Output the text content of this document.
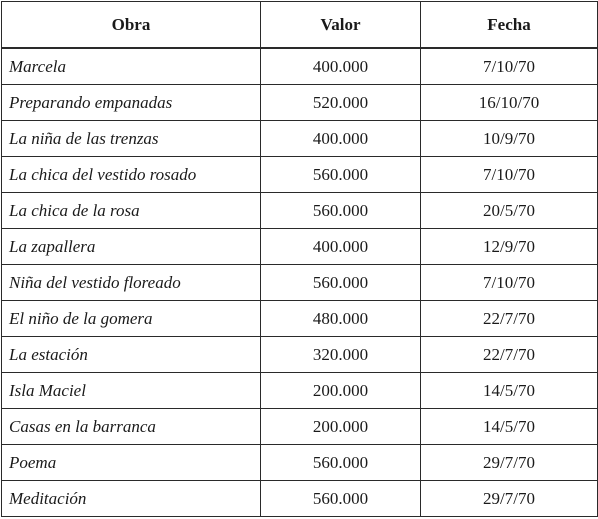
Obra	Valor	Fecha
Marcela	400.000	7/10/70
Preparando empanadas	520.000	16/10/70
La niña de las trenzas	400.000	10/9/70
La chica del vestido rosado	560.000	7/10/70
La chica de la rosa	560.000	20/5/70
La zapallera	400.000	12/9/70
Niña del vestido floreado	560.000	7/10/70
El niño de la gomera	480.000	22/7/70
La estación	320.000	22/7/70
Isla Maciel	200.000	14/5/70
Casas en la barranca	200.000	14/5/70
Poema	560.000	29/7/70
Meditación	560.000	29/7/70
